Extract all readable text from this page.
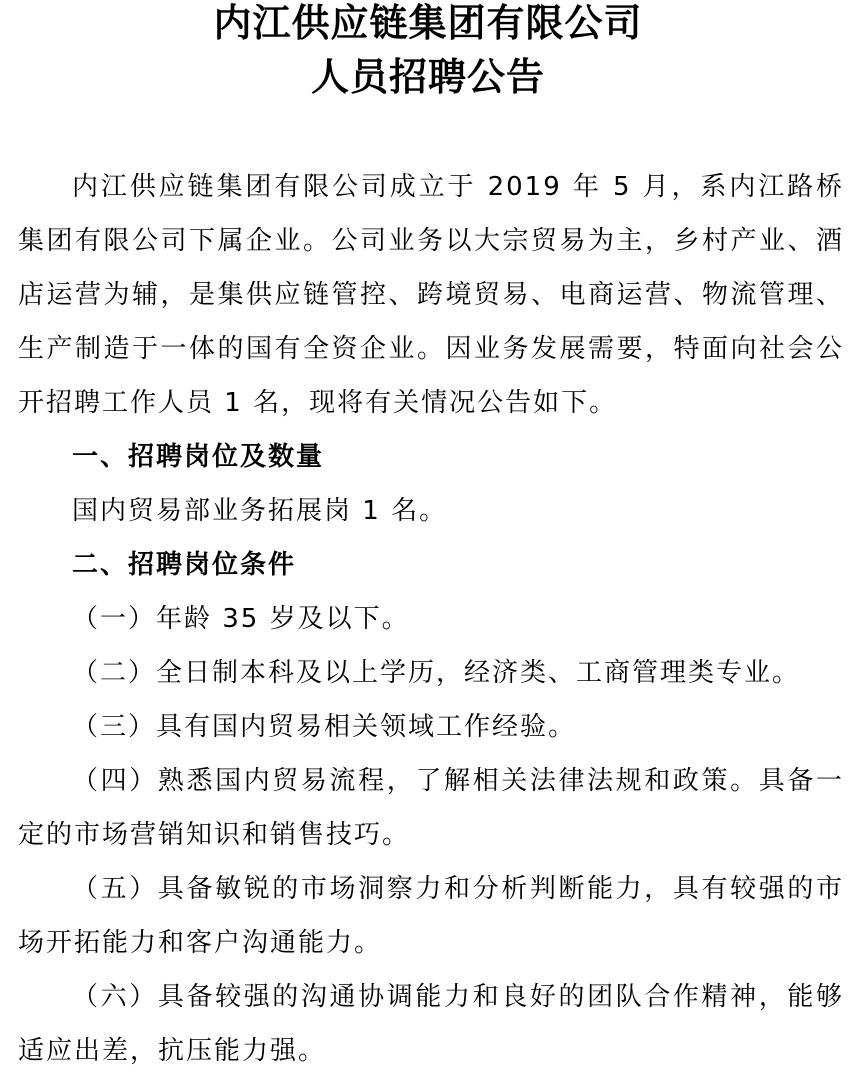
内江供应链集团有限公司
人员招聘公告

内江供应链集团有限公司成立于 2019 年 5 月，系内江路桥集团有限公司下属企业。公司业务以大宗贸易为主，乡村产业、酒店运营为辅，是集供应链管控、跨境贸易、电商运营、物流管理、生产制造于一体的国有全资企业。因业务发展需要，特面向社会公开招聘工作人员 1 名，现将有关情况公告如下。

一、招聘岗位及数量

国内贸易部业务拓展岗 1 名。

二、招聘岗位条件

（一）年龄 35 岁及以下。

（二）全日制本科及以上学历，经济类、工商管理类专业。

（三）具有国内贸易相关领域工作经验。

（四）熟悉国内贸易流程，了解相关法律法规和政策。具备一定的市场营销知识和销售技巧。

（五）具备敏锐的市场洞察力和分析判断能力，具有较强的市场开拓能力和客户沟通能力。

（六）具备较强的沟通协调能力和良好的团队合作精神，能够适应出差，抗压能力强。
